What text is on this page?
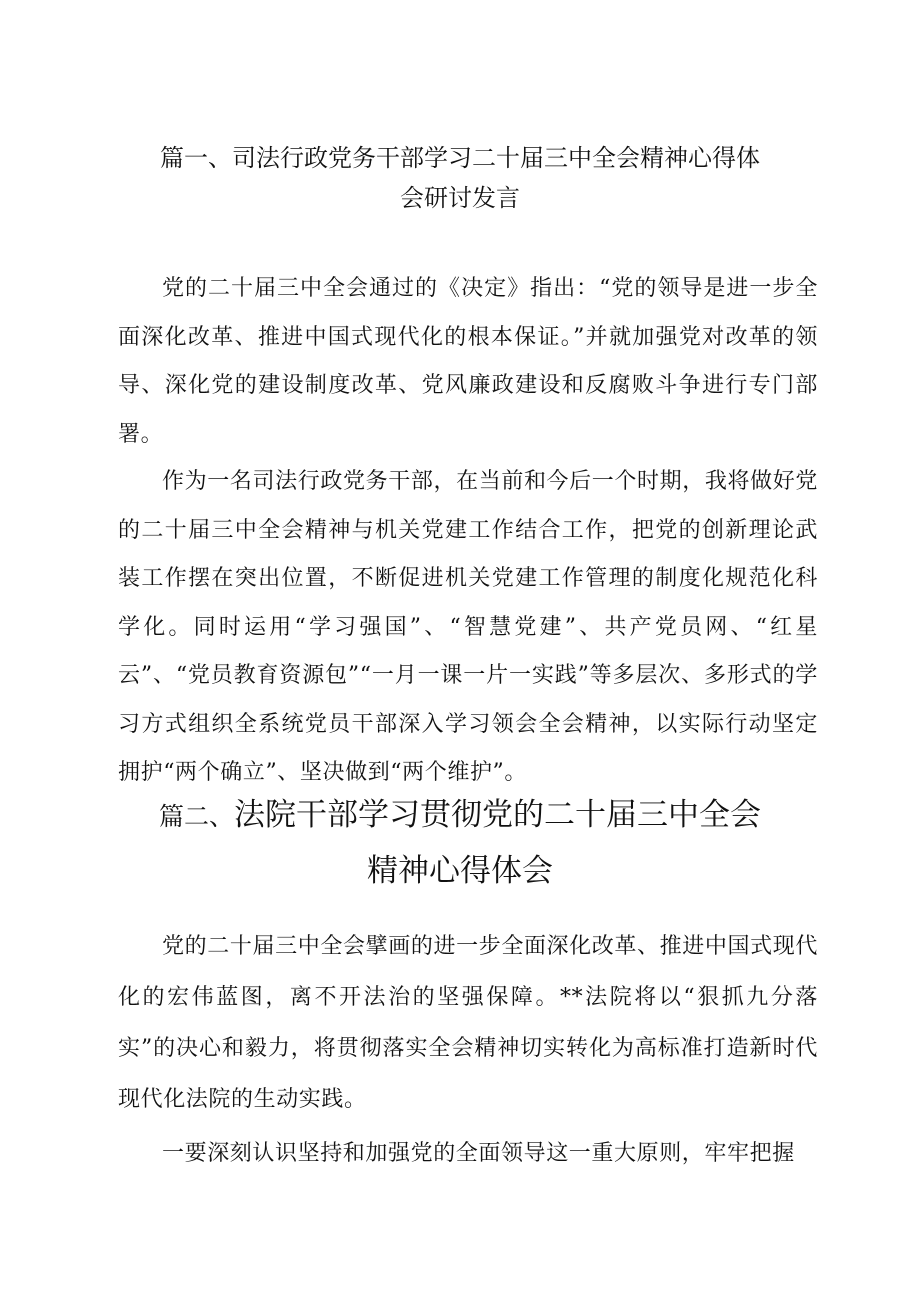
篇一、司法行政党务干部学习二十届三中全会精神心得体
会研讨发言

党的二十届三中全会通过的《决定》指出：“党的领导是进一步全面深化改革、推进中国式现代化的根本保证。”并就加强党对改革的领导、深化党的建设制度改革、党风廉政建设和反腐败斗争进行专门部署。

作为一名司法行政党务干部，在当前和今后一个时期，我将做好党的二十届三中全会精神与机关党建工作结合工作，把党的创新理论武装工作摆在突出位置，不断促进机关党建工作管理的制度化规范化科学化。同时运用“学习强国”、“智慧党建”、共产党员网、“红星云”、“党员教育资源包”“一月一课一片一实践”等多层次、多形式的学习方式组织全系统党员干部深入学习领会全会精神，以实际行动坚定拥护“两个确立”、坚决做到“两个维护”。

篇二、法院干部学习贯彻党的二十届三中全会
精神心得体会

党的二十届三中全会擘画的进一步全面深化改革、推进中国式现代化的宏伟蓝图，离不开法治的坚强保障。**法院将以“狠抓九分落实”的决心和毅力，将贯彻落实全会精神切实转化为高标准打造新时代现代化法院的生动实践。

一要深刻认识坚持和加强党的全面领导这一重大原则，牢牢把握
